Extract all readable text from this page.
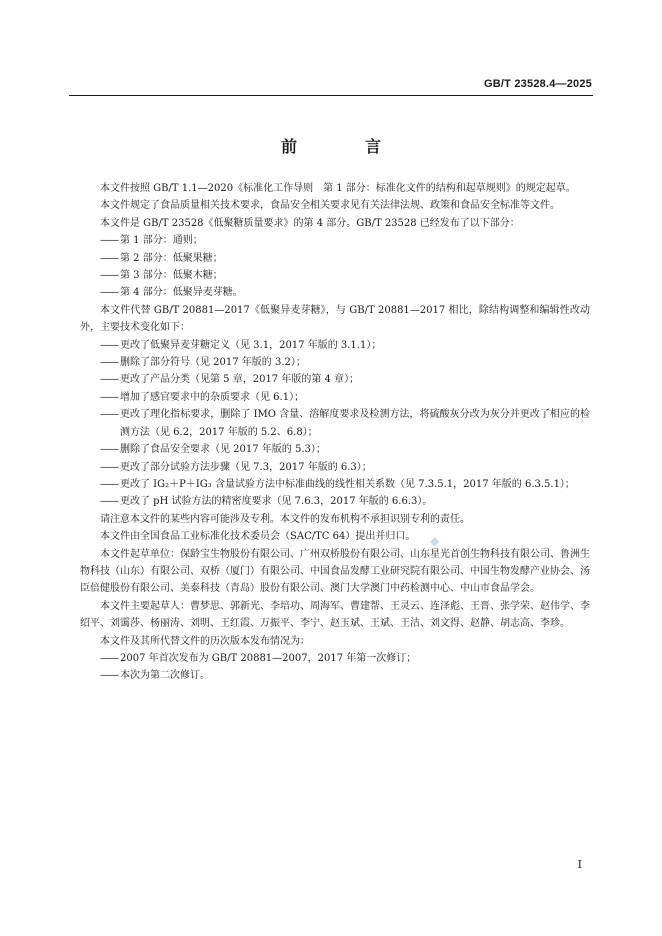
GB/T 23528.4—2025
前　言

本文件按照 GB/T 1.1—2020《标准化工作导则　第 1 部分：标准化文件的结构和起草规则》的规定起草。

本文件规定了食品质量相关技术要求，食品安全相关要求见有关法律法规、政策和食品安全标准等文件。

本文件是 GB/T 23528《低聚糖质量要求》的第 4 部分。GB/T 23528 已经发布了以下部分：

—— 第 1 部分：通则；

—— 第 2 部分：低聚果糖；

—— 第 3 部分：低聚木糖；

—— 第 4 部分：低聚异麦芽糖。

本文件代替 GB/T 20881—2017《低聚异麦芽糖》，与 GB/T 20881—2017 相比，除结构调整和编辑性改动外，主要技术变化如下：

—— 更改了低聚异麦芽糖定义（见 3.1，2017 年版的 3.1.1）；

—— 删除了部分符号（见 2017 年版的 3.2）；

—— 更改了产品分类（见第 5 章，2017 年版的第 4 章）；

—— 增加了感官要求中的杂质要求（见 6.1）；

—— 更改了理化指标要求，删除了 IMO 含量、溶解度要求及检测方法，将硫酸灰分改为灰分并更改了相应的检测方法（见 6.2，2017 年版的 5.2、6.8）；

—— 删除了食品安全要求（见 2017 年版的 5.3）；

—— 更改了部分试验方法步骤（见 7.3，2017 年版的 6.3）；

—— 更改了 IG₂＋P＋IG₃ 含量试验方法中标准曲线的线性相关系数（见 7.3.5.1，2017 年版的 6.3.5.1）；

—— 更改了 pH 试验方法的精密度要求（见 7.6.3，2017 年版的 6.6.3）。

请注意本文件的某些内容可能涉及专利。本文件的发布机构不承担识别专利的责任。

本文件由全国食品工业标准化技术委员会（SAC/TC 64）提出并归口。

本文件起草单位：保龄宝生物股份有限公司、广州双桥股份有限公司、山东星光首创生物科技有限公司、鲁洲生物科技（山东）有限公司、双桥（厦门）有限公司、中国食品发酵工业研究院有限公司、中国生物发酵产业协会、汤臣倍健股份有限公司、美泰科技（青岛）股份有限公司、澳门大学澳门中药检测中心、中山市食品学会。

本文件主要起草人：曹梦思、郭新光、李培功、周海军、曹建帮、王灵云、连泽彪、王晋、张学荣、赵伟学、李绍平、刘霭莎、杨丽涛、刘明、王红霞、万振平、李宁、赵玉斌、王斌、王洁、刘文得、赵静、胡志高、李珍。

本文件及其所代替文件的历次版本发布情况为：

—— 2007 年首次发布为 GB/T 20881—2007，2017 年第一次修订；

—— 本次为第二次修订。

◆
I
